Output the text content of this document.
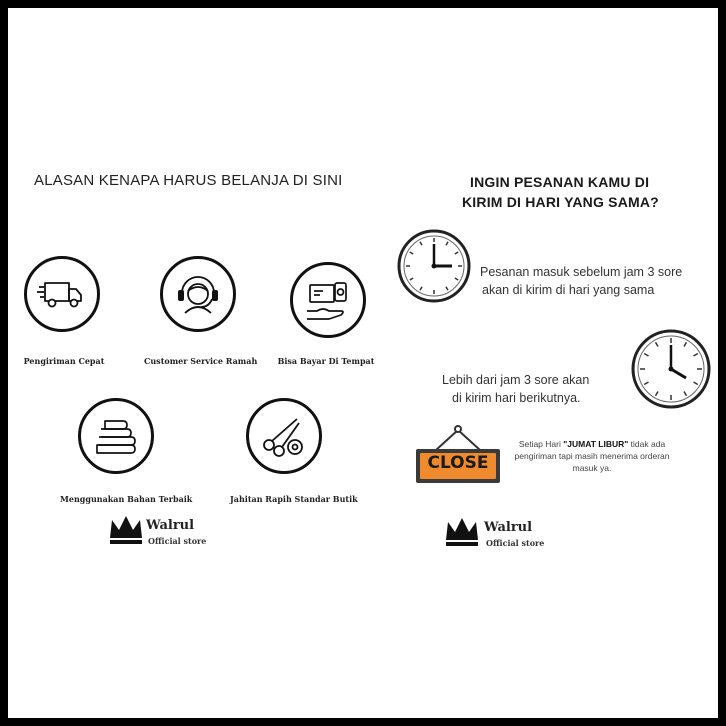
ALASAN KENAPA HARUS BELANJA DI SINI
Pengiriman Cepat	Customer Service Ramah	Bisa Bayar Di Tempat
Menggunakan Bahan Terbaik	Jahitan Rapih Standar Butik
Walrul
Official store
INGIN PESANAN KAMU DI
KIRIM DI HARI YANG SAMA?
Pesanan masuk sebelum jam 3 sore
akan di kirim di hari yang sama
Lebih dari jam 3 sore akan
di kirim hari berikutnya.
CLOSE
Setiap Hari "JUMAT LIBUR" tidak ada
pengiriman tapi masih menerima orderan
masuk ya.
Walrul
Official store
